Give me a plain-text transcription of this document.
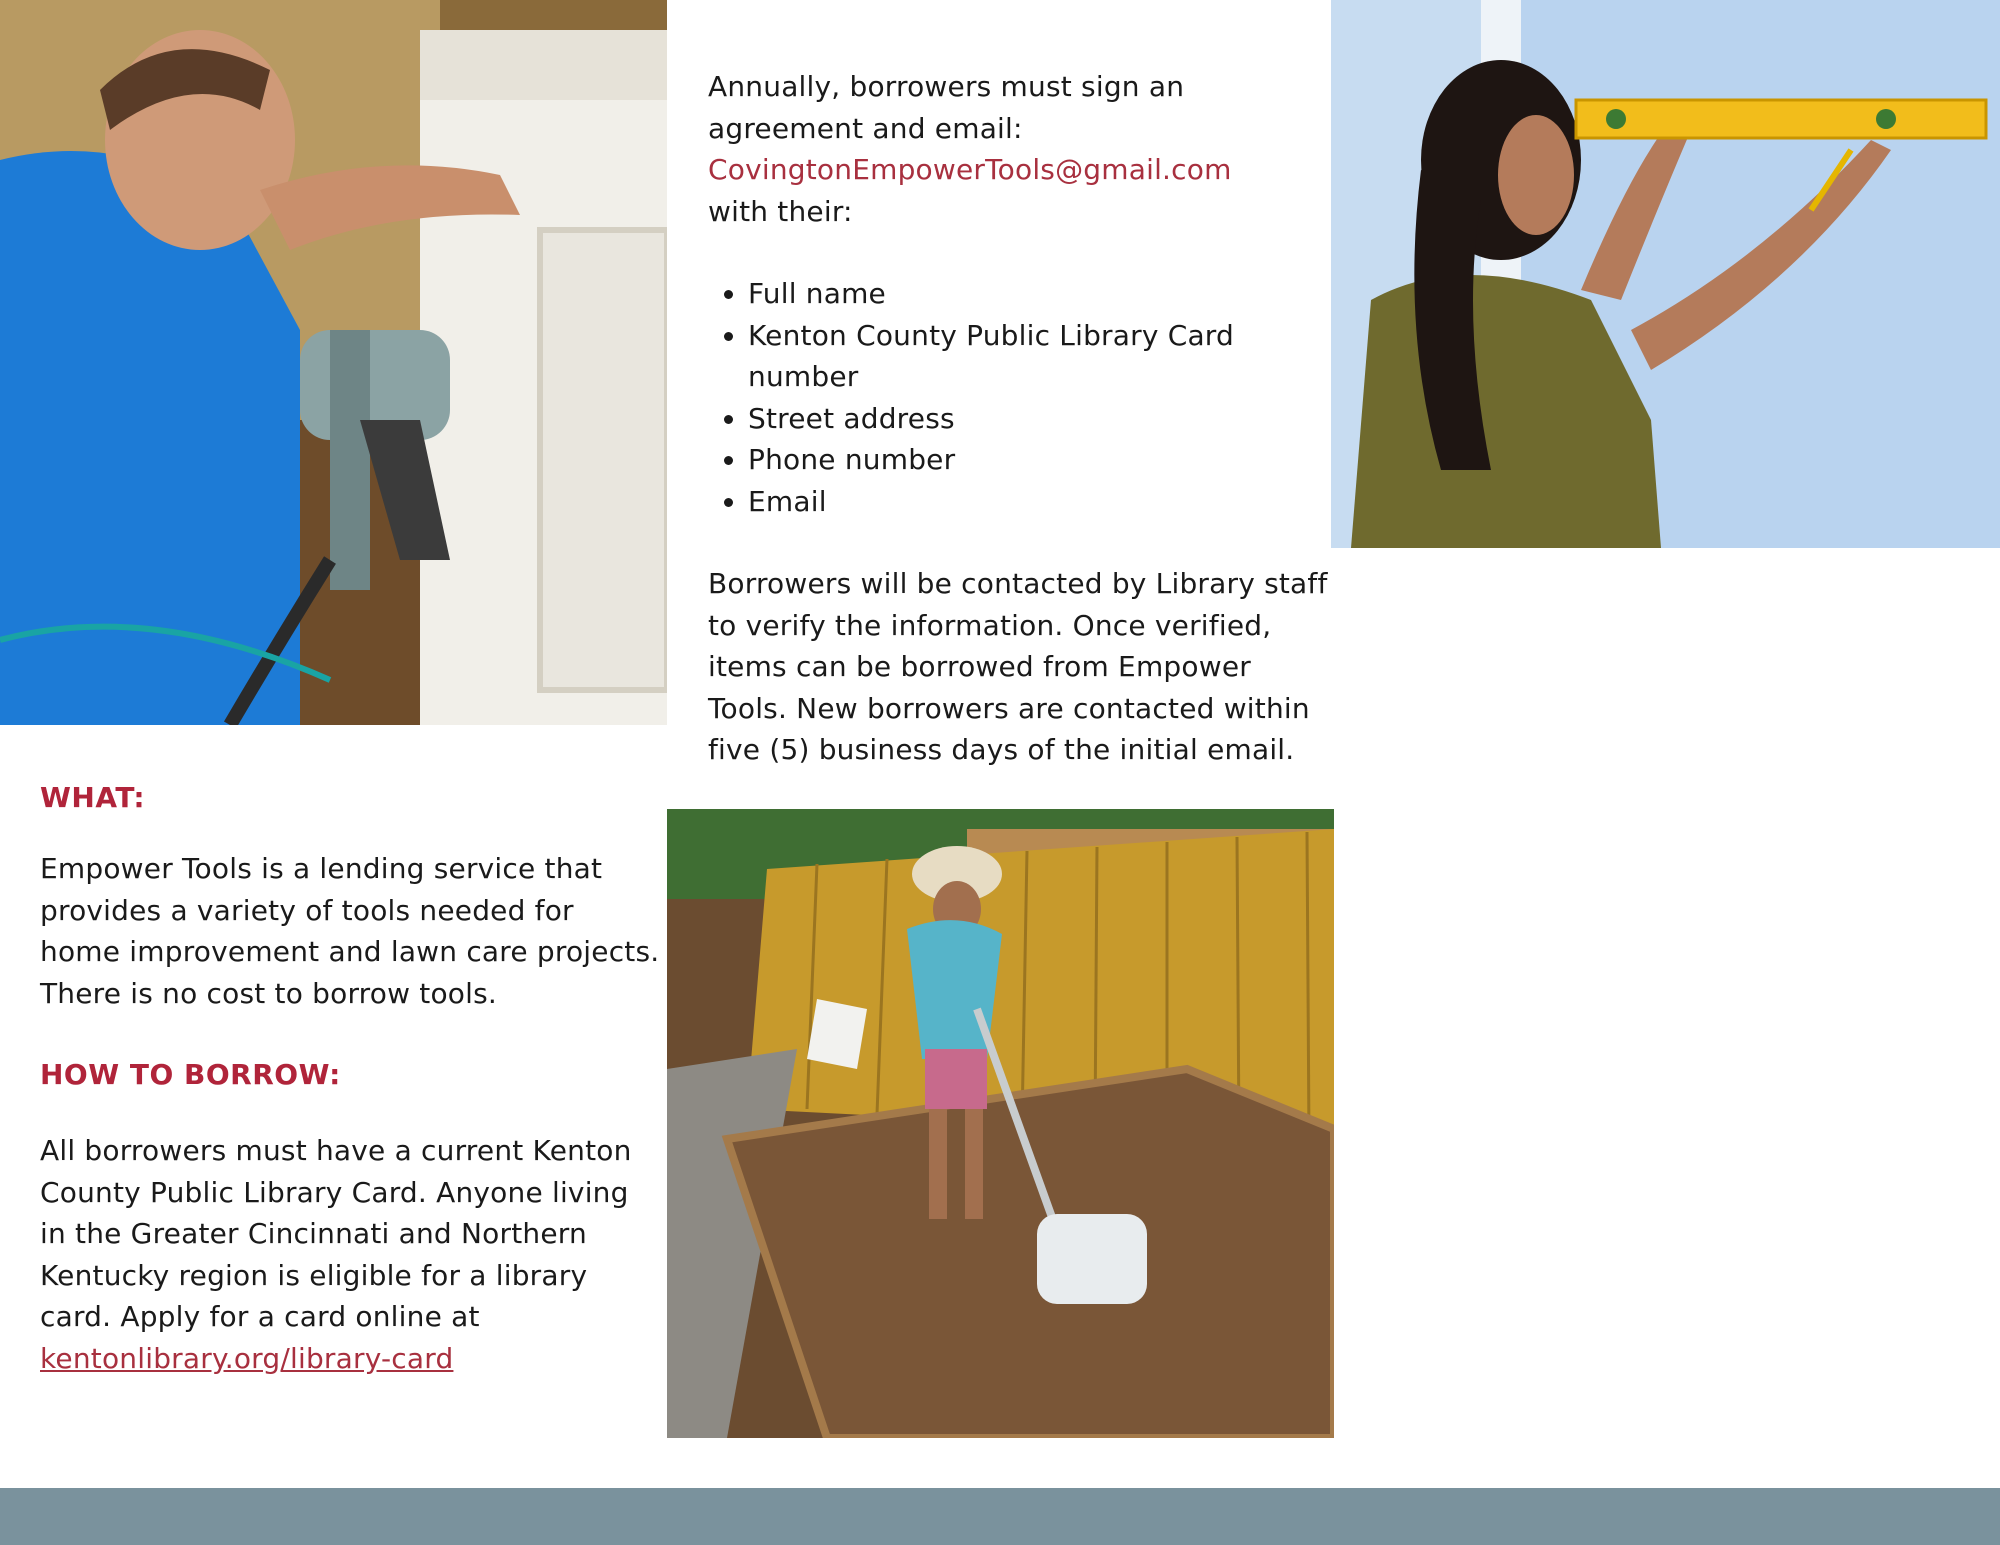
Annually, borrowers must sign an agreement and email:

CovingtonEmpowerTools@gmail.com

with their:

• Full name
• Kenton County Public Library Card number
• Street address
• Phone number
• Email

Borrowers will be contacted by Library staff to verify the information. Once verified, items can be borrowed from Empower Tools. New borrowers are contacted within five (5) business days of the initial email.

WHAT:

Empower Tools is a lending service that provides a variety of tools needed for home improvement and lawn care projects. There is no cost to borrow tools.

HOW TO BORROW:

All borrowers must have a current Kenton County Public Library Card. Anyone living in the Greater Cincinnati and Northern Kentucky region is eligible for a library card. Apply for a card online at
kentonlibrary.org/library-card
